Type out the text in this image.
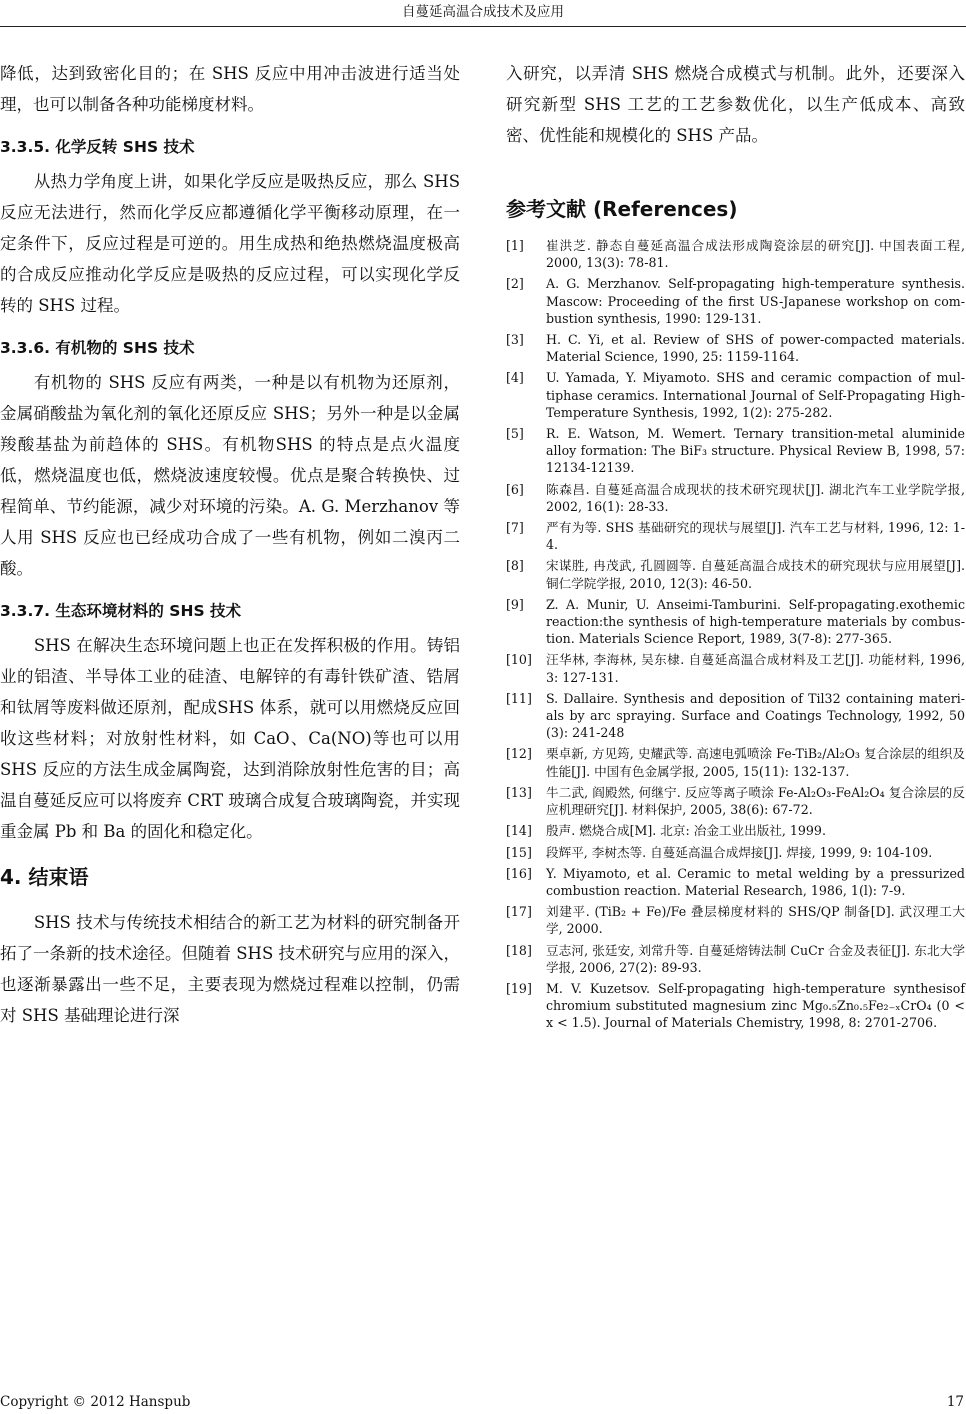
自蔓延高温合成技术及应用

降低，达到致密化目的；在 SHS 反应中用冲击波进行适当处理，也可以制备各种功能梯度材料。

3.3.5. 化学反转 SHS 技术

从热力学角度上讲，如果化学反应是吸热反应，那么 SHS 反应无法进行，然而化学反应都遵循化学平衡移动原理，在一定条件下，反应过程是可逆的。用生成热和绝热燃烧温度极高的合成反应推动化学反应是吸热的反应过程，可以实现化学反转的 SHS 过程。

3.3.6. 有机物的 SHS 技术

有机物的 SHS 反应有两类，一种是以有机物为还原剂，金属硝酸盐为氧化剂的氧化还原反应 SHS；另外一种是以金属羧酸基盐为前趋体的 SHS。有机物SHS 的特点是点火温度低，燃烧温度也低，燃烧波速度较慢。优点是聚合转换快、过程简单、节约能源，减少对环境的污染。A. G. Merzhanov 等人用 SHS 反应也已经成功合成了一些有机物，例如二溴丙二酸。

3.3.7. 生态环境材料的 SHS 技术

SHS 在解决生态环境问题上也正在发挥积极的作用。铸铝业的铝渣、半导体工业的硅渣、电解锌的有毒针铁矿渣、锆屑和钛屑等废料做还原剂，配成SHS 体系，就可以用燃烧反应回收这些材料；对放射性材料，如 CaO、Ca(NO)等也可以用 SHS 反应的方法生成金属陶瓷，达到消除放射性危害的目；高温自蔓延反应可以将废弃 CRT 玻璃合成复合玻璃陶瓷，并实现重金属 Pb 和 Ba 的固化和稳定化。

4. 结束语

SHS 技术与传统技术相结合的新工艺为材料的研究制备开拓了一条新的技术途径。但随着 SHS 技术研究与应用的深入，也逐渐暴露出一些不足，主要表现为燃烧过程难以控制，仍需对 SHS 基础理论进行深

入研究，以弄清 SHS 燃烧合成模式与机制。此外，还要深入研究新型 SHS 工艺的工艺参数优化，以生产低成本、高致密、优性能和规模化的 SHS 产品。

参考文献 (References)
[1]	崔洪芝. 静态自蔓延高温合成法形成陶瓷涂层的研究[J]. 中国表面工程, 2000, 13(3): 78-81.
[2]	A. G. Merzhanov. Self-propagating high-temperature synthesis. Mascow: Proceeding of the first US-Japanese workshop on com-bustion synthesis, 1990: 129-131.
[3]	H. C. Yi, et al. Review of SHS of power-compacted materials. Material Science, 1990, 25: 1159-1164.
[4]	U. Yamada, Y. Miyamoto. SHS and ceramic compaction of mul-tiphase ceramics. International Journal of Self-Propagating High-Temperature Synthesis, 1992, 1(2): 275-282.
[5]	R. E. Watson, M. Wemert. Ternary transition-metal aluminide alloy formation: The BiF₃ structure. Physical Review B, 1998, 57: 12134-12139.
[6]	陈森昌. 自蔓延高温合成现状的技术研究现状[J]. 湖北汽车工业学院学报, 2002, 16(1): 28-33.
[7]	严有为等. SHS 基础研究的现状与展望[J]. 汽车工艺与材料, 1996, 12: 1-4.
[8]	宋谋胜, 冉茂武, 孔圆圆等. 自蔓延高温合成技术的研究现状与应用展望[J]. 铜仁学院学报, 2010, 12(3): 46-50.
[9]	Z. A. Munir, U. Anseimi-Tamburini. Self-propagating.exothemic reaction:the synthesis of high-temperature materials by combus-tion. Materials Science Report, 1989, 3(7-8): 277-365.
[10]	汪华林, 李海林, 吴东棣. 自蔓延高温合成材料及工艺[J]. 功能材料, 1996, 3: 127-131.
[11]	S. Dallaire. Synthesis and deposition of Til32 containing materi-als by arc spraying. Surface and Coatings Technology, 1992, 50 (3): 241-248
[12]	栗卓新, 方见筠, 史耀武等. 高速电弧喷涂 Fe-TiB₂/Al₂O₃ 复合涂层的组织及性能[J]. 中国有色金属学报, 2005, 15(11): 132-137.
[13]	牛二武, 阎殿然, 何继宁. 反应等离子喷涂 Fe-Al₂O₃-FeAl₂O₄ 复合涂层的反应机理研究[J]. 材料保护, 2005, 38(6): 67-72.
[14]	殷声. 燃烧合成[M]. 北京: 冶金工业出版社, 1999.
[15]	段辉平, 李树杰等. 自蔓延高温合成焊接[J]. 焊接, 1999, 9: 104-109.
[16]	Y. Miyamoto, et al. Ceramic to metal welding by a pressurized combustion reaction. Material Research, 1986, 1(l): 7-9.
[17]	刘建平. (TiB₂ + Fe)/Fe 叠层梯度材料的 SHS/QP 制备[D]. 武汉理工大学, 2000.
[18]	豆志河, 张廷安, 刘常升等. 自蔓延熔铸法制 CuCr 合金及表征[J]. 东北大学学报, 2006, 27(2): 89-93.
[19]	M. V. Kuzetsov. Self-propagating high-temperature synthesisof chromium substituted magnesium zinc Mg₀.₅Zn₀.₅Fe₂₋ₓCrO₄ (0 < x < 1.5). Journal of Materials Chemistry, 1998, 8: 2701-2706.
Copyright © 2012 Hanspub	17
